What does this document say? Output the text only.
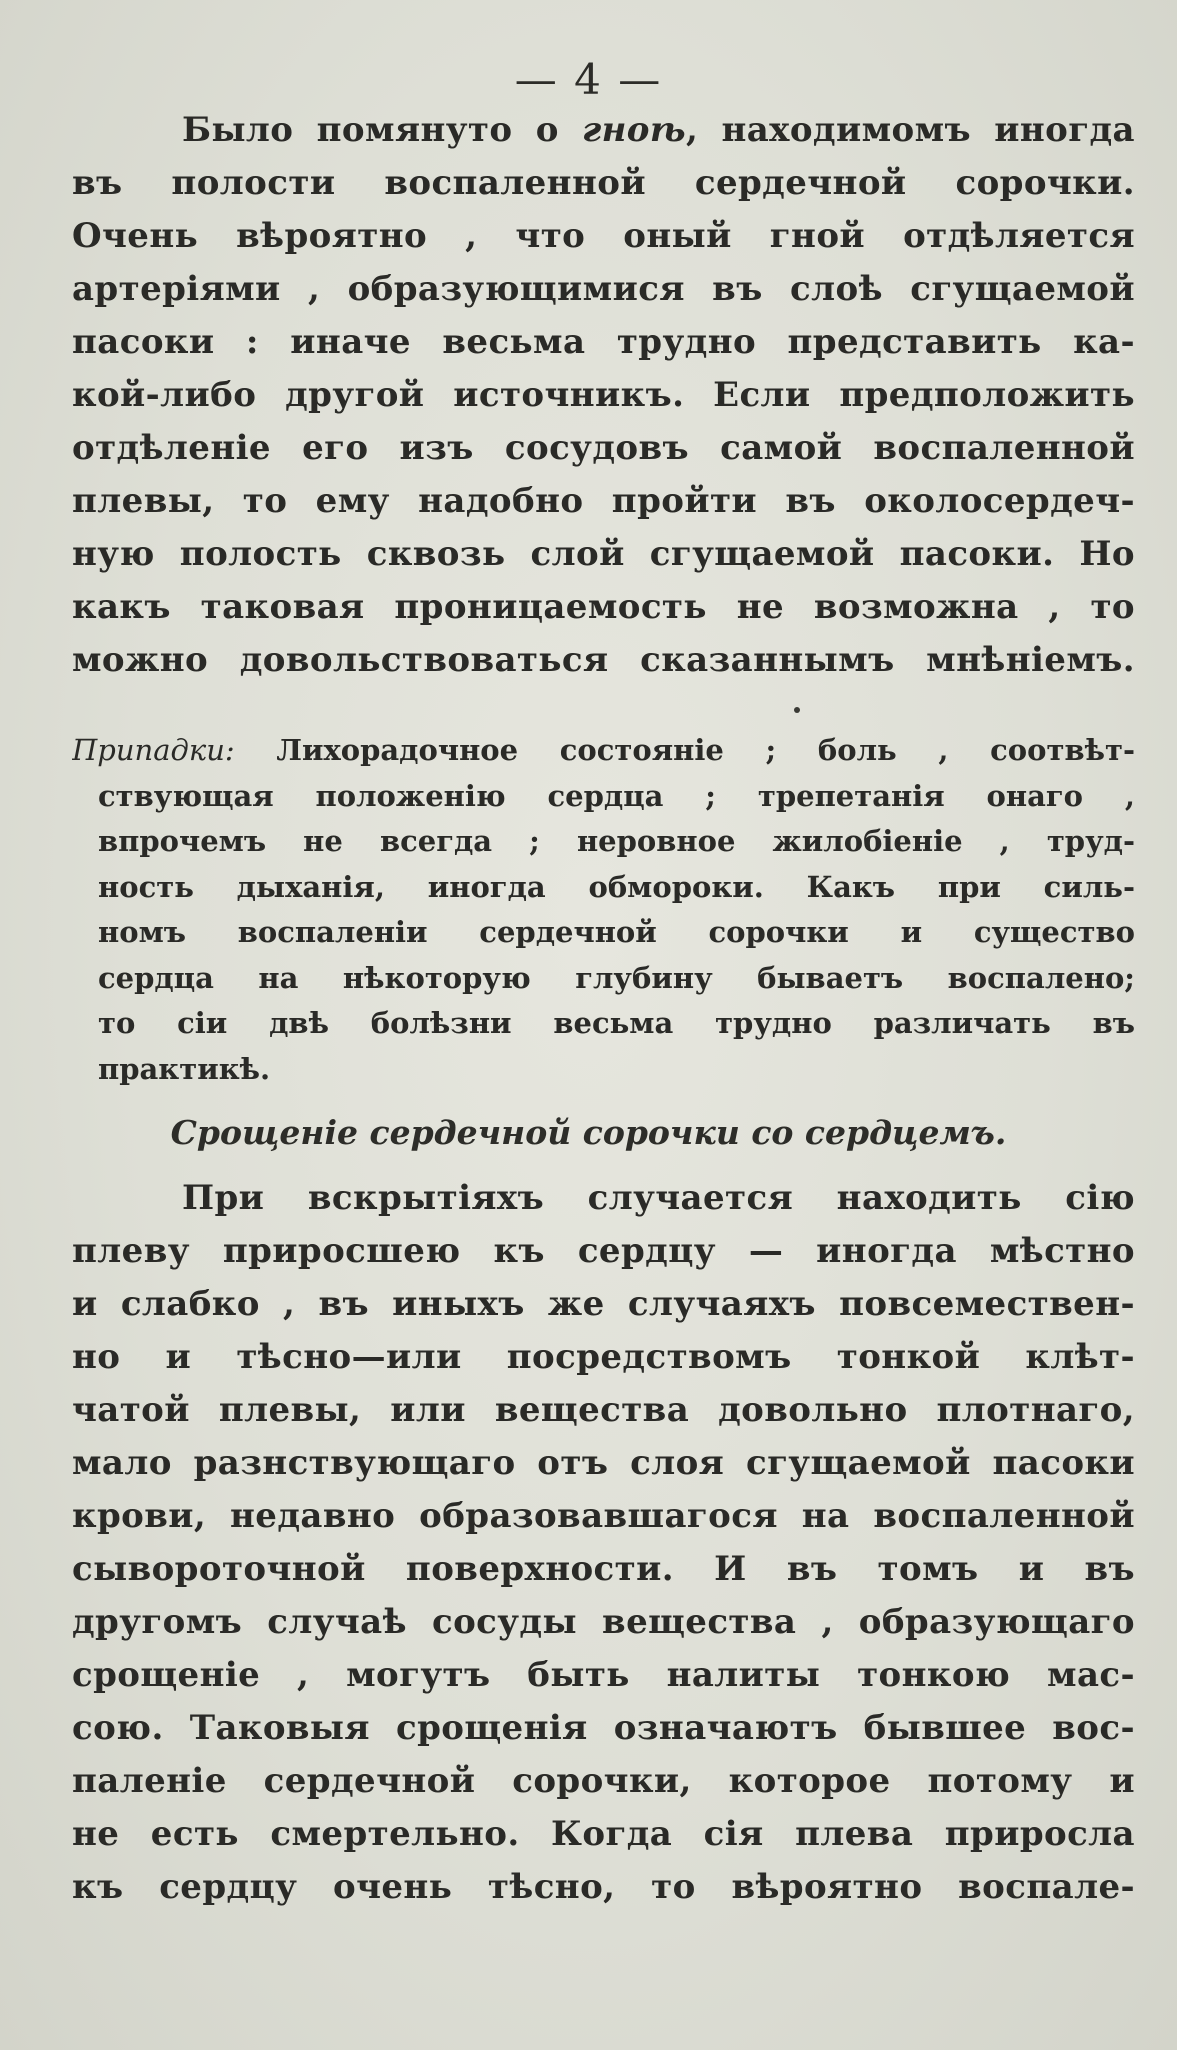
— 4 —
Было помянуто о гноѣ, находимомъ иногда
въ полости воспаленной сердечной сорочки.
Очень вѣроятно , что оный гной отдѣляется
артеріями , образующимися въ слоѣ сгущаемой
пасоки : иначе весьма трудно представить ка-
кой-либо другой источникъ. Если предположить
отдѣленіе его изъ сосудовъ самой воспаленной
плевы, то ему надобно пройти въ околосердеч-
ную полость сквозь слой сгущаемой пасоки. Но
какъ таковая проницаемость не возможна , то
можно довольствоваться сказаннымъ мнѣніемъ.
Припадки: Лихорадочное состояніе ; боль , соотвѣт-
ствующая положенію сердца ; трепетанія онаго ,
впрочемъ не всегда ; неровное жилобіеніе , труд-
ность дыханія, иногда обмороки. Какъ при силь-
номъ воспаленіи сердечной сорочки и существо
сердца на нѣкоторую глубину бываетъ воспалено;
то сіи двѣ болѣзни весьма трудно различать въ
практикѣ.
Срощеніе сердечной сорочки со сердцемъ.
При вскрытіяхъ случается находить сію
плеву приросшею къ сердцу — иногда мѣстно
и слабко , въ иныхъ же случаяхъ повсемествен-
но и тѣсно—или посредствомъ тонкой клѣт-
чатой плевы, или вещества довольно плотнаго,
мало разнствующаго отъ слоя сгущаемой пасоки
крови, недавно образовавшагося на воспаленной
сывороточной поверхности. И въ томъ и въ
другомъ случаѣ сосуды вещества , образующаго
срощеніе , могутъ быть налиты тонкою мас-
сою. Таковыя срощенія означаютъ бывшее вос-
паленіе сердечной сорочки, которое потому и
не есть смертельно. Когда сія плева приросла
къ сердцу очень тѣсно, то вѣроятно воспале-
